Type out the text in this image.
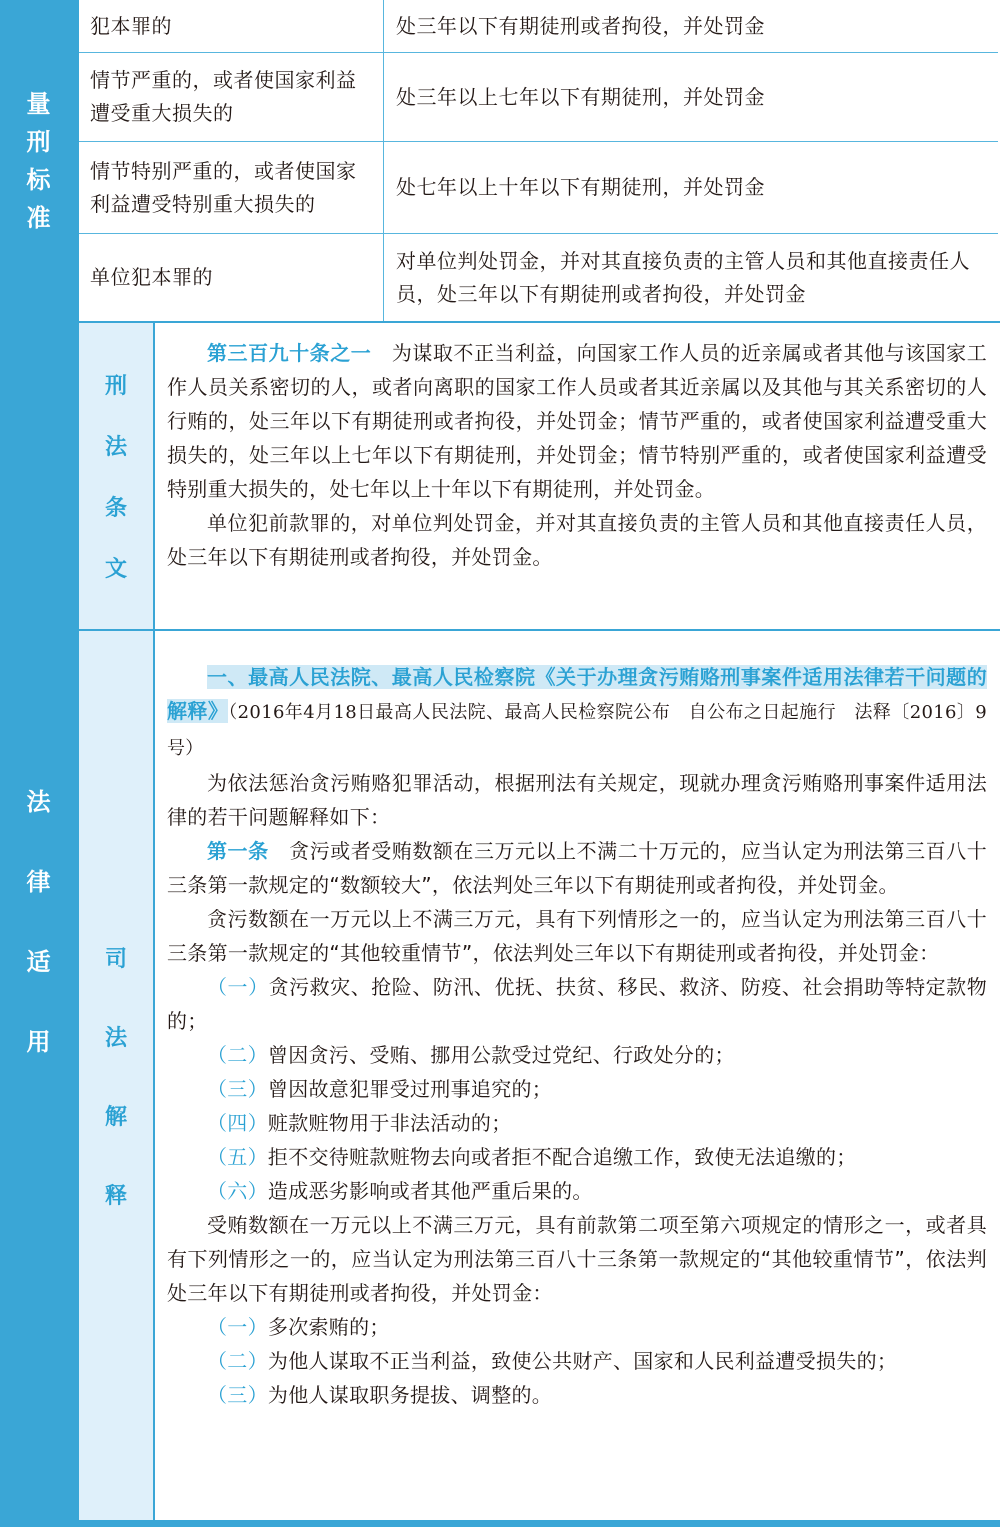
量
刑
标
准
犯本罪的	处三年以下有期徒刑或者拘役，并处罚金
情节严重的，或者使国家利益遭受重大损失的
处三年以上七年以下有期徒刑，并处罚金
情节特别严重的，或者使国家利益遭受特别重大损失的
处七年以上十年以下有期徒刑，并处罚金
单位犯本罪的
对单位判处罚金，并对其直接负责的主管人员和其他直接责任人员，处三年以下有期徒刑或者拘役，并处罚金
法
律
适
用
刑
法
条
文

第三百九十条之一　 为谋取不正当利益，向国家工作人员的近亲属或者其他与该国家工作人员关系密切的人，或者向离职的国家工作人员或者其近亲属以及其他与其关系密切的人行贿的，处三年以下有期徒刑或者拘役，并处罚金；情节严重的，或者使国家利益遭受重大损失的，处三年以上七年以下有期徒刑，并处罚金；情节特别严重的，或者使国家利益遭受特别重大损失的，处七年以上十年以下有期徒刑，并处罚金。

单位犯前款罪的，对单位判处罚金，并对其直接负责的主管人员和其他直接责任人员，处三年以下有期徒刑或者拘役，并处罚金。

司
法
解
释

一、最高人民法院、最高人民检察院《关于办理贪污贿赂刑事案件适用法律若干问题的解释》（2016年4月18日最高人民法院、最高人民检察院公布　自公布之日起施行　法释〔2016〕9号）

为依法惩治贪污贿赂犯罪活动，根据刑法有关规定，现就办理贪污贿赂刑事案件适用法律的若干问题解释如下：

第一条　 贪污或者受贿数额在三万元以上不满二十万元的，应当认定为刑法第三百八十三条第一款规定的“数额较大”，依法判处三年以下有期徒刑或者拘役，并处罚金。

贪污数额在一万元以上不满三万元，具有下列情形之一的，应当认定为刑法第三百八十三条第一款规定的“其他较重情节”，依法判处三年以下有期徒刑或者拘役，并处罚金：

（一）贪污救灾、抢险、防汛、优抚、扶贫、移民、救济、防疫、社会捐助等特定款物的；

（二）曾因贪污、受贿、挪用公款受过党纪、行政处分的；

（三）曾因故意犯罪受过刑事追究的；

（四）赃款赃物用于非法活动的；

（五）拒不交待赃款赃物去向或者拒不配合追缴工作，致使无法追缴的；

（六）造成恶劣影响或者其他严重后果的。

受贿数额在一万元以上不满三万元，具有前款第二项至第六项规定的情形之一，或者具有下列情形之一的，应当认定为刑法第三百八十三条第一款规定的“其他较重情节”，依法判处三年以下有期徒刑或者拘役，并处罚金：

（一）多次索贿的；

（二）为他人谋取不正当利益，致使公共财产、国家和人民利益遭受损失的；

（三）为他人谋取职务提拔、调整的。
